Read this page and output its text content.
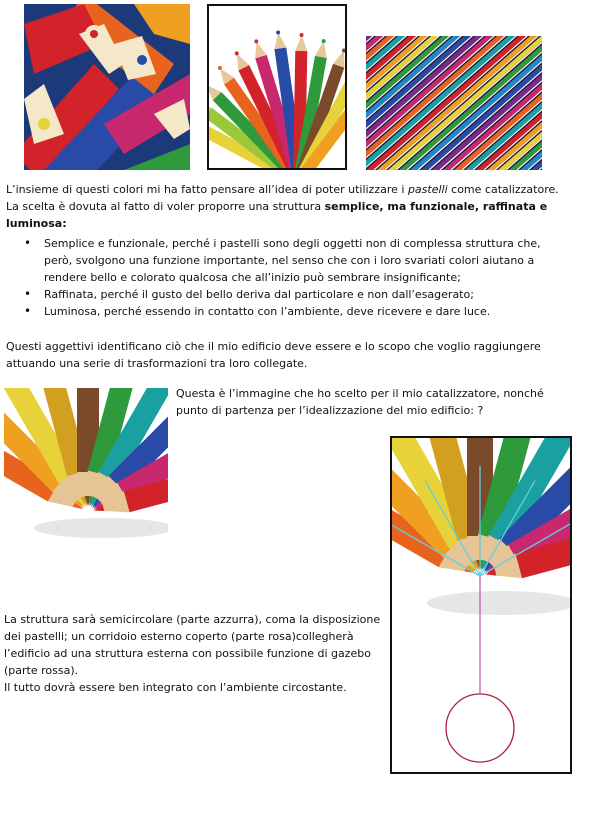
L’insieme di questi colori mi ha fatto pensare all’idea di poter utilizzare i pastelli come catalizzatore. La scelta è dovuta al fatto di voler proporre una struttura semplice, ma funzionale, raffinata e luminosa:
• Semplice e funzionale, perché i pastelli sono degli oggetti non di complessa struttura che, però, svolgono una funzione importante, nel senso che con i loro svariati colori aiutano a rendere bello e colorato qualcosa che all’inizio può sembrare insignificante;
• Raffinata, perché il gusto del bello deriva dal particolare e non dall’esagerato;
• Luminosa, perché essendo in contatto con l’ambiente, deve ricevere e dare luce.
Questi aggettivi identificano ciò che il mio edificio deve essere e lo scopo che voglio raggiungere attuando una serie di trasformazioni tra loro collegate.
Questa è l’immagine che ho scelto per il mio catalizzatore, nonché punto di partenza per l’idealizzazione del mio edificio: ?
La struttura sarà semicircolare (parte azzurra), coma la disposizione dei pastelli; un corridoio esterno coperto (parte rosa)collegherà l’edificio ad una struttura esterna con possibile funzione di gazebo (parte rossa).
Il tutto dovrà essere ben integrato con l’ambiente circostante.
